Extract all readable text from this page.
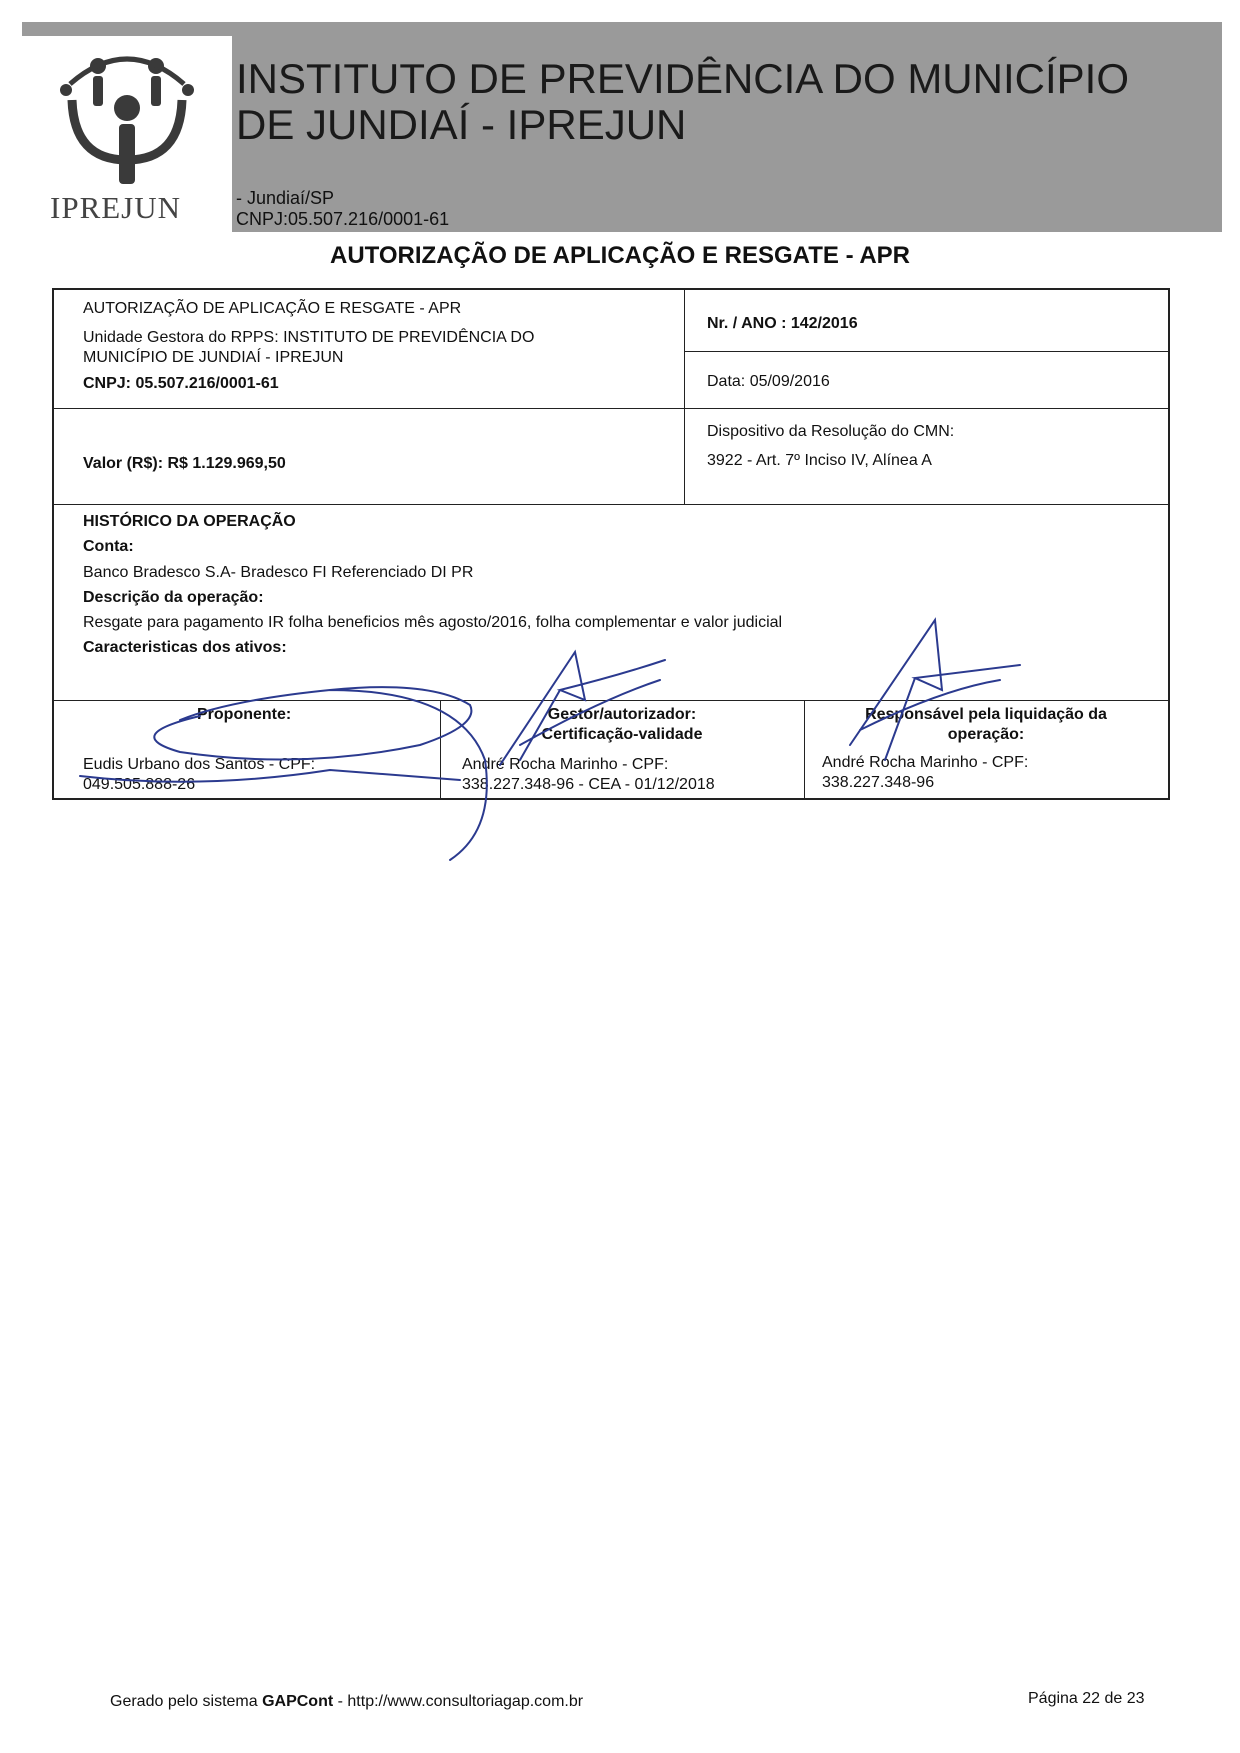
IPREJUN
INSTITUTO DE PREVIDÊNCIA DO MUNICÍPIO
DE JUNDIAÍ - IPREJUN
- Jundiaí/SP
CNPJ:05.507.216/0001-61
AUTORIZAÇÃO DE APLICAÇÃO E RESGATE - APR
AUTORIZAÇÃO DE APLICAÇÃO E RESGATE - APR
Unidade Gestora do RPPS: INSTITUTO DE PREVIDÊNCIA DO MUNICÍPIO DE JUNDIAÍ - IPREJUN
CNPJ: 05.507.216/0001-61
Nr. / ANO : 142/2016
Data: 05/09/2016
Valor (R$): R$ 1.129.969,50
Dispositivo da Resolução do CMN:
3922 - Art. 7º Inciso IV, Alínea A
HISTÓRICO DA OPERAÇÃO
Conta:
Banco Bradesco S.A- Bradesco FI Referenciado DI PR
Descrição da operação:
Resgate para pagamento IR folha beneficios mês agosto/2016, folha complementar e valor judicial
Caracteristicas dos ativos:
Proponente:
Eudis Urbano dos Santos - CPF:
049.505.888-26
Gestor/autorizador:
Certificação-validade
André Rocha Marinho - CPF:
338.227.348-96 - CEA - 01/12/2018
Responsável pela liquidação da
operação:
André Rocha Marinho - CPF:
338.227.348-96
Gerado pelo sistema GAPCont - http://www.consultoriagap.com.br	Página 22 de 23
